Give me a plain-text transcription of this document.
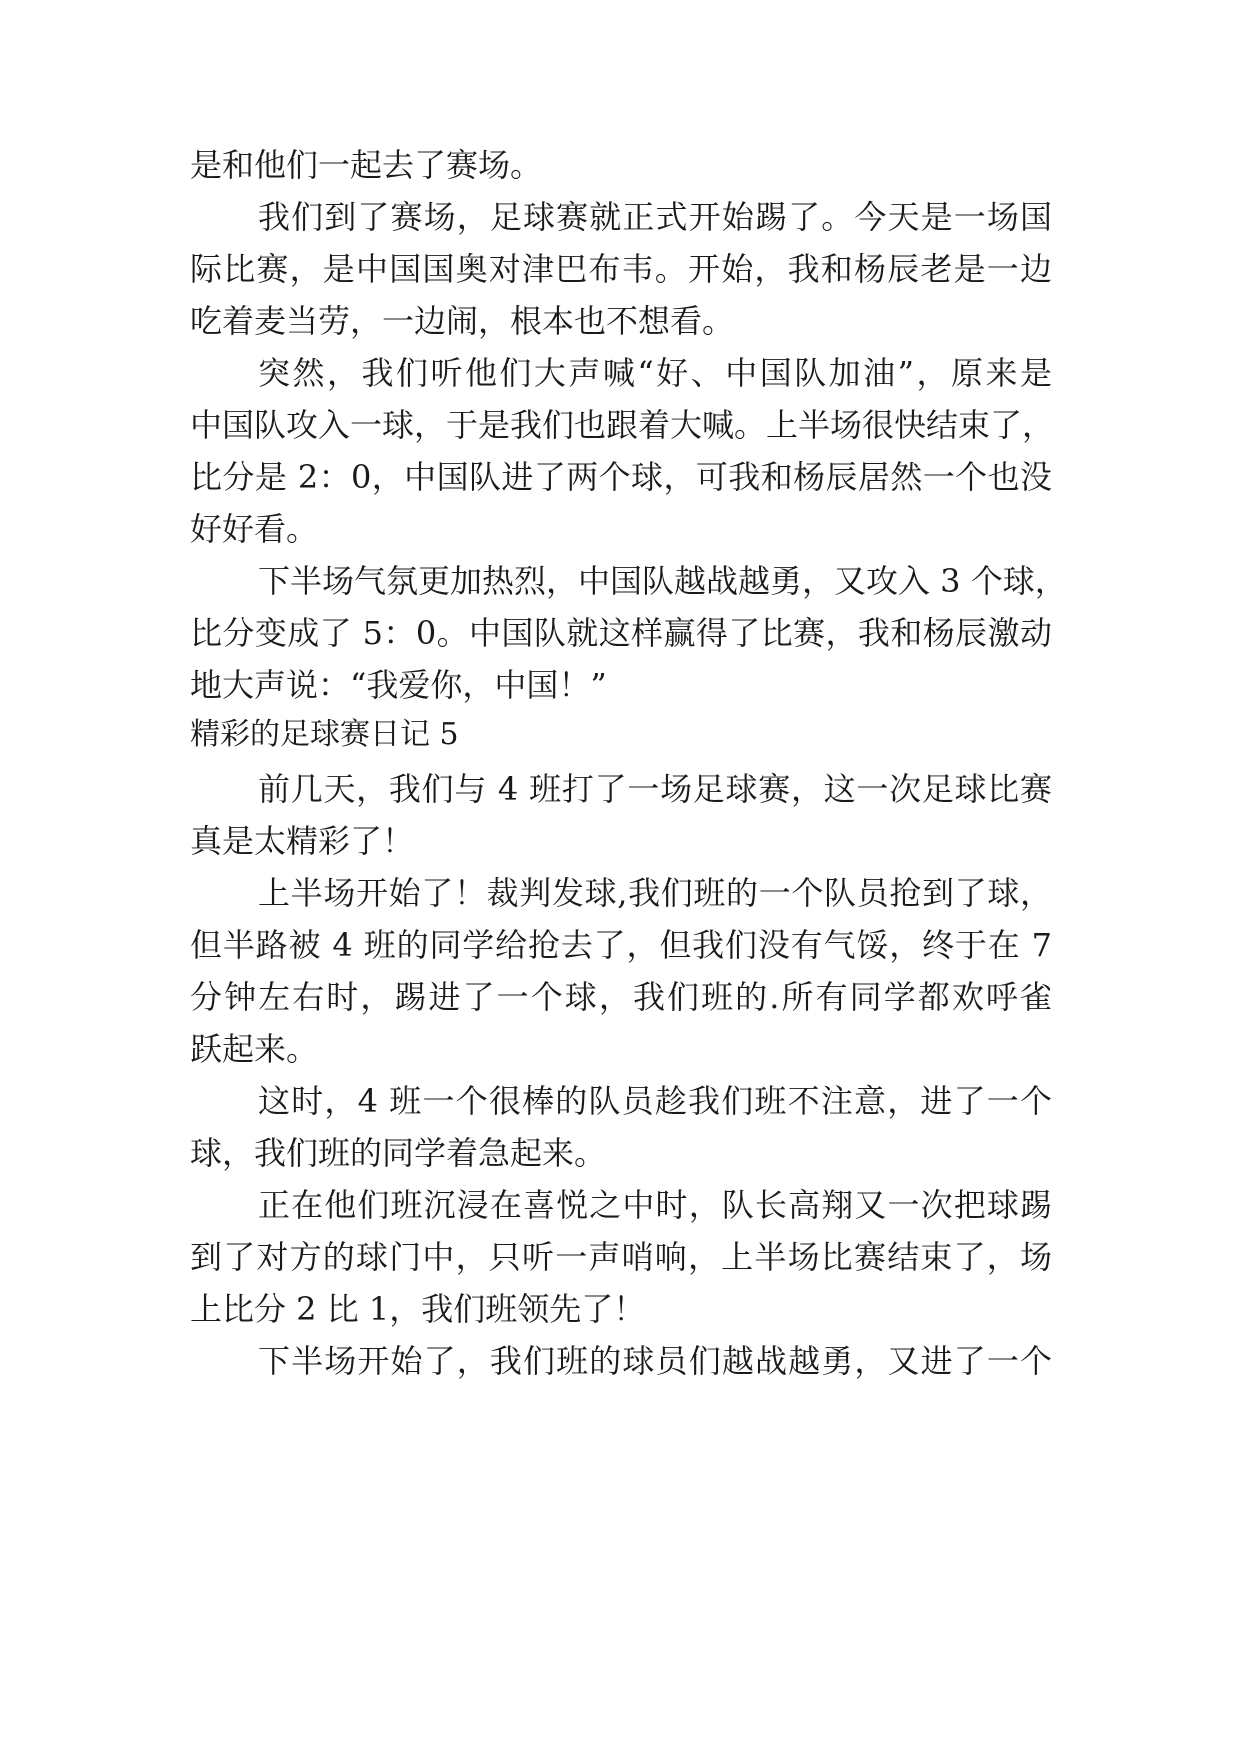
是和他们一起去了赛场。
我们到了赛场，足球赛就正式开始踢了。今天是一场国
际比赛，是中国国奥对津巴布韦。开始，我和杨辰老是一边
吃着麦当劳，一边闹，根本也不想看。
突然，我们听他们大声喊“好、中国队加油”，原来是
中国队攻入一球，于是我们也跟着大喊。上半场很快结束了，
比分是 2：0，中国队进了两个球，可我和杨辰居然一个也没
好好看。
下半场气氛更加热烈，中国队越战越勇，又攻入 3 个球，
比分变成了 5：0。中国队就这样赢得了比赛，我和杨辰激动
地大声说：“我爱你，中国！”
精彩的足球赛日记 5
前几天，我们与 4 班打了一场足球赛，这一次足球比赛
真是太精彩了！
上半场开始了！裁判发球,我们班的一个队员抢到了球，
但半路被 4 班的同学给抢去了，但我们没有气馁，终于在 7
分钟左右时，踢进了一个球，我们班的.所有同学都欢呼雀
跃起来。
这时，4 班一个很棒的队员趁我们班不注意，进了一个
球，我们班的同学着急起来。
正在他们班沉浸在喜悦之中时，队长高翔又一次把球踢
到了对方的球门中，只听一声哨响，上半场比赛结束了，场
上比分 2 比 1，我们班领先了！
下半场开始了，我们班的球员们越战越勇，又进了一个
